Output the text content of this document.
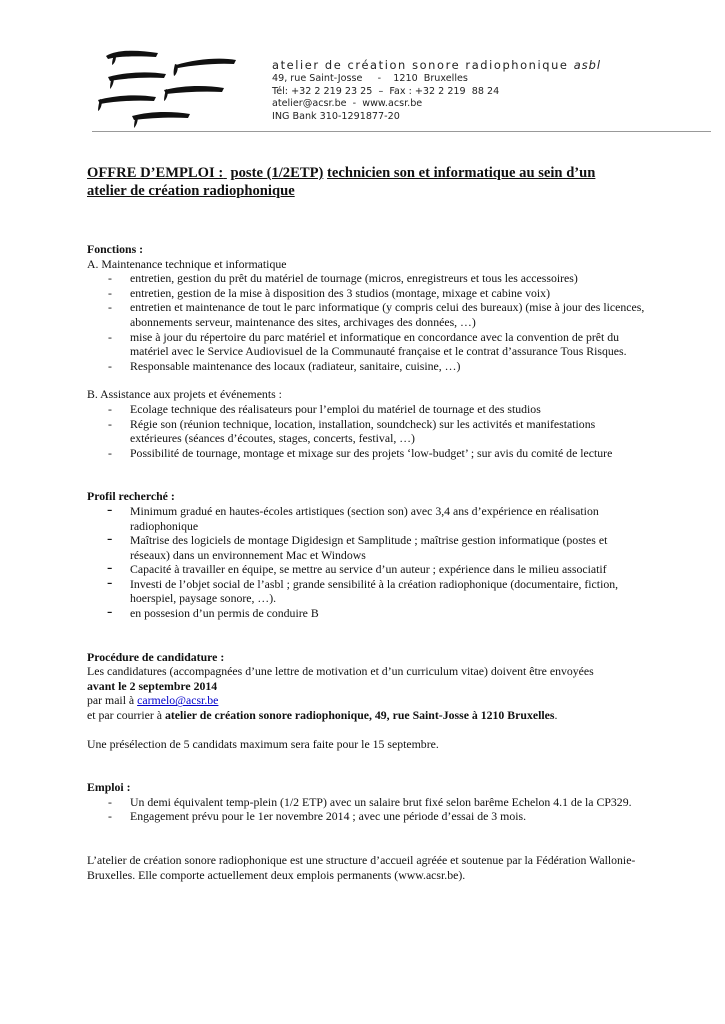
atelier de création sonore radiophonique asbl
49, rue Saint-Josse     -    1210  Bruxelles
Tél: +32 2 219 23 25  –  Fax : +32 2 219  88 24
atelier@acsr.be  -  www.acsr.be
ING Bank 310-1291877-20
OFFRE D’EMPLOI : poste (1/2ETP) technicien son et informatique au sein d’un
atelier de création radiophonique
Fonctions :
A. Maintenance technique et informatique
- entretien, gestion du prêt du matériel de tournage (micros, enregistreurs et tous les accessoires)
- entretien, gestion de la mise à disposition des 3 studios (montage, mixage et cabine voix)
- entretien et maintenance de tout le parc informatique (y compris celui des bureaux) (mise à jour des licences, abonnements serveur, maintenance des sites, archivages des données, …)
- mise à jour du répertoire du parc matériel et informatique en concordance avec la convention de prêt du matériel avec le Service Audiovisuel de la Communauté française et le contrat d’assurance Tous Risques.
- Responsable maintenance des locaux (radiateur, sanitaire, cuisine, …)
B. Assistance aux projets et événements :
- Ecolage technique des réalisateurs pour l’emploi du matériel de tournage et des studios
- Régie son (réunion technique, location, installation, soundcheck) sur les activités et manifestations extérieures (séances d’écoutes, stages, concerts, festival, …)
- Possibilité de tournage, montage et mixage sur des projets ‘low-budget’ ; sur avis du comité de lecture
Profil recherché :
- Minimum gradué en hautes-écoles artistiques (section son) avec 3,4 ans d’expérience en réalisation radiophonique
- Maîtrise des logiciels de montage Digidesign et Samplitude ; maîtrise gestion informatique (postes et réseaux) dans un environnement Mac et Windows
- Capacité à travailler en équipe, se mettre au service d’un auteur ; expérience dans le milieu associatif
- Investi de l’objet social de l’asbl ; grande sensibilité à la création radiophonique (documentaire, fiction, hoerspiel, paysage sonore, …).
- en possesion d’un permis de conduire B
Procédure de candidature :
Les candidatures (accompagnées d’une lettre de motivation et d’un curriculum vitae) doivent être envoyées
avant le 2 septembre 2014
par mail à carmelo@acsr.be
et par courrier à atelier de création sonore radiophonique, 49, rue Saint-Josse à 1210 Bruxelles.
Une présélection de 5 candidats maximum sera faite pour le 15 septembre.
Emploi :
- Un demi équivalent temp-plein (1/2 ETP) avec un salaire brut fixé selon barême Echelon 4.1 de la CP329.
- Engagement prévu pour le 1er novembre 2014 ; avec une période d’essai de 3 mois.
L’atelier de création sonore radiophonique est une structure d’accueil agréée et soutenue par la Fédération Wallonie-Bruxelles. Elle comporte actuellement deux emplois permanents (www.acsr.be).
